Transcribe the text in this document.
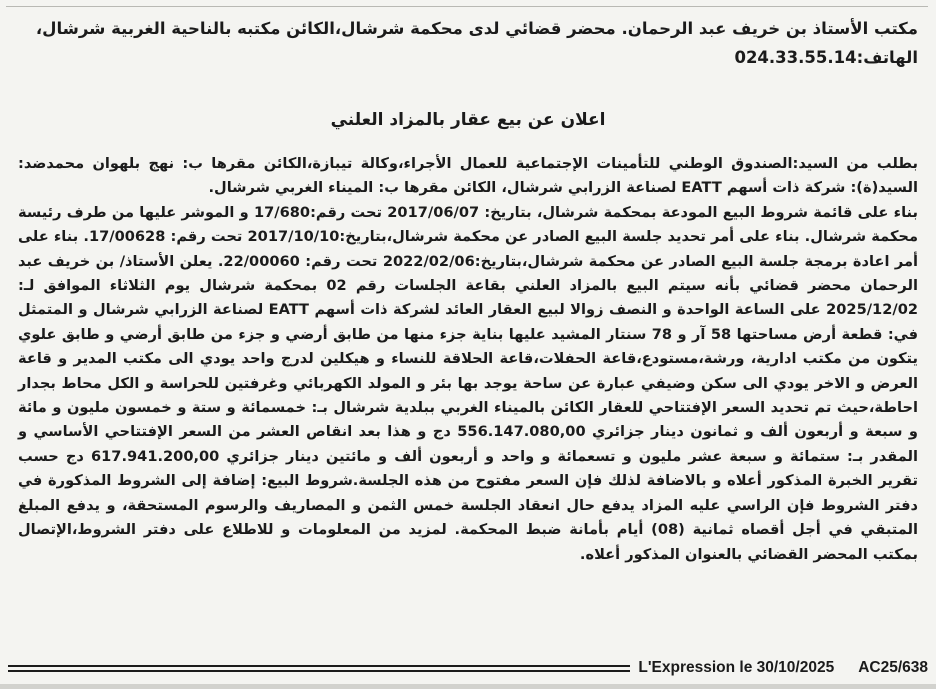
مكتب الأستاذ بن خريف عبد الرحمان. محضر قضائي لدى محكمة شرشال،الكائن مكتبه بالناحية الغربية شرشال،
الهاتف:024.33.55.14
اعلان عن بيع عقار بالمزاد العلني

بطلب من السيد:الصندوق الوطني للتأمينات الإجتماعية للعمال الأجراء،وكالة تيبازة،الكائن مقرها ب: نهج بلهوان محمدضد: السيد(ة): شركة ذات أسهم EATT لصناعة الزرابي شرشال، الكائن مقرها ب: الميناء الغربي شرشال.

بناء على قائمة شروط البيع المودعة بمحكمة شرشال، بتاريخ: 2017/06/07 تحت رقم:17/680 و الموشر عليها من طرف رئيسة محكمة شرشال. بناء على أمر تحديد جلسة البيع الصادر عن محكمة شرشال،بتاريخ:2017/10/10 تحت رقم: 17/00628. بناء على أمر اعادة برمجة جلسة البيع الصادر عن محكمة شرشال،بتاريخ:2022/02/06 تحت رقم: 22/00060. يعلن الأستاذ/ بن خريف عبد الرحمان محضر قضائي بأنه سيتم البيع بالمزاد العلني بقاعة الجلسات رقم 02 بمحكمة شرشال يوم الثلاثاء الموافق لـ: 2025/12/02 على الساعة الواحدة و النصف زوالا لبيع العقار العائد لشركة ذات أسهم EATT لصناعة الزرابي شرشال و المتمثل في: قطعة أرض مساحتها 58 آر و 78 سنتار المشيد عليها بناية جزء منها من طابق أرضي و جزء من طابق أرضي و طابق علوي يتكون من مكتب ادارية، ورشة،مستودع،قاعة الحفلات،قاعة الحلاقة للنساء و هيكلين لدرج واحد يودي الى مكتب المدير و قاعة العرض و الاخر يودي الى سكن وضيفي عبارة عن ساحة يوجد بها بئر و المولد الكهربائي وغرفتين للحراسة و الكل محاط بجدار احاطة،حيث تم تحديد السعر الإفتتاحي للعقار الكائن بالميناء الغربي ببلدية شرشال بـ: خمسمائة و ستة و خمسون مليون و مائة و سبعة و أربعون ألف و ثمانون دينار جزائري 556.147.080,00 دج و هذا بعد انقاص العشر من السعر الإفتتاحي الأساسي و المقدر بـ: ستمائة و سبعة عشر مليون و تسعمائة و واحد و أربعون ألف و مائتين دينار جزائري 617.941.200,00 دج حسب تقرير الخبرة المذكور أعلاه و بالاضافة لذلك فإن السعر مفتوح من هذه الجلسة.شروط البيع: إضافة إلى الشروط المذكورة في دفتر الشروط فإن الراسي عليه المزاد يدفع حال انعقاد الجلسة خمس الثمن و المصاريف والرسوم المستحقة، و يدفع المبلغ المتبقي في أجل أقصاه ثمانية (08) أيام بأمانة ضبط المحكمة. لمزيد من المعلومات و للاطلاع على دفتر الشروط،الإتصال بمكتب المحضر القضائي بالعنوان المذكور أعلاه.

L'Expression le 30/10/2025 AC25/638
